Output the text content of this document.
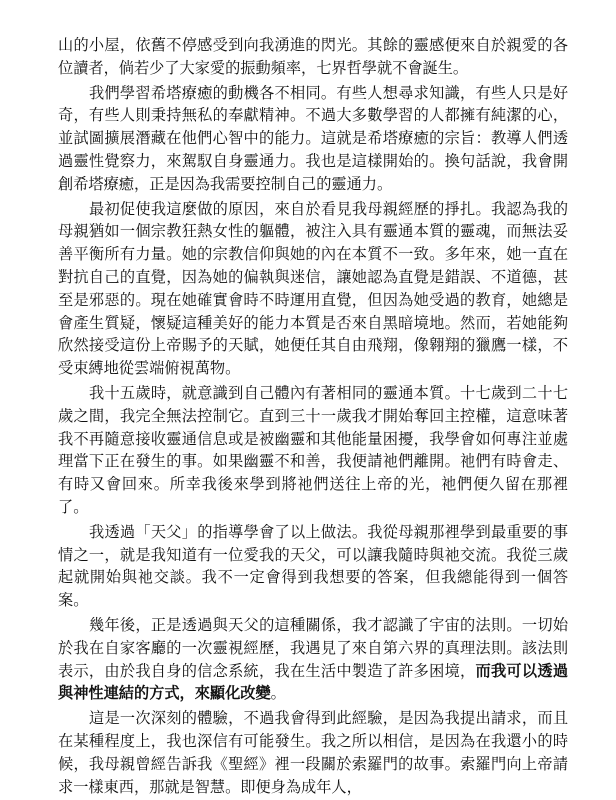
山的小屋，依舊不停感受到向我湧進的閃光。其餘的靈感便來自於親愛的各位讀者，倘若少了大家愛的振動頻率，七界哲學就不會誕生。

我們學習希塔療癒的動機各不相同。有些人想尋求知識，有些人只是好奇，有些人則秉持無私的奉獻精神。不過大多數學習的人都擁有純潔的心，並試圖擴展潛藏在他們心智中的能力。這就是希塔療癒的宗旨：教導人們透過靈性覺察力，來駕馭自身靈通力。我也是這樣開始的。換句話說，我會開創希塔療癒，正是因為我需要控制自己的靈通力。

最初促使我這麼做的原因，來自於看見我母親經歷的掙扎。我認為我的母親猶如一個宗教狂熱女性的軀體，被注入具有靈通本質的靈魂，而無法妥善平衡所有力量。她的宗教信仰與她的內在本質不一致。多年來，她一直在對抗自己的直覺，因為她的偏執與迷信，讓她認為直覺是錯誤、不道德，甚至是邪惡的。現在她確實會時不時運用直覺，但因為她受過的教育，她總是會產生質疑，懷疑這種美好的能力本質是否來自黑暗境地。然而，若她能夠欣然接受這份上帝賜予的天賦，她便任其自由飛翔，像翱翔的獵鷹一樣，不受束縛地從雲端俯視萬物。

我十五歲時，就意識到自己體內有著相同的靈通本質。十七歲到二十七歲之間，我完全無法控制它。直到三十一歲我才開始奪回主控權，這意味著我不再隨意接收靈通信息或是被幽靈和其他能量困擾，我學會如何專注並處理當下正在發生的事。如果幽靈不和善，我便請祂們離開。祂們有時會走、有時又會回來。所幸我後來學到將祂們送往上帝的光，祂們便久留在那裡了。

我透過「天父」的指導學會了以上做法。我從母親那裡學到最重要的事情之一，就是我知道有一位愛我的天父，可以讓我隨時與祂交流。我從三歲起就開始與祂交談。我不一定會得到我想要的答案，但我總能得到一個答案。

幾年後，正是透過與天父的這種關係，我才認識了宇宙的法則。一切始於我在自家客廳的一次靈視經歷，我遇見了來自第六界的真理法則。該法則表示，由於我自身的信念系統，我在生活中製造了許多困境，而我可以透過與神性連結的方式，來顯化改變。

這是一次深刻的體驗，不過我會得到此經驗，是因為我提出請求，而且在某種程度上，我也深信有可能發生。我之所以相信，是因為在我還小的時候，我母親曾經告訴我《聖經》裡一段關於索羅門的故事。索羅門向上帝請求一樣東西，那就是智慧。即便身為成年人，
